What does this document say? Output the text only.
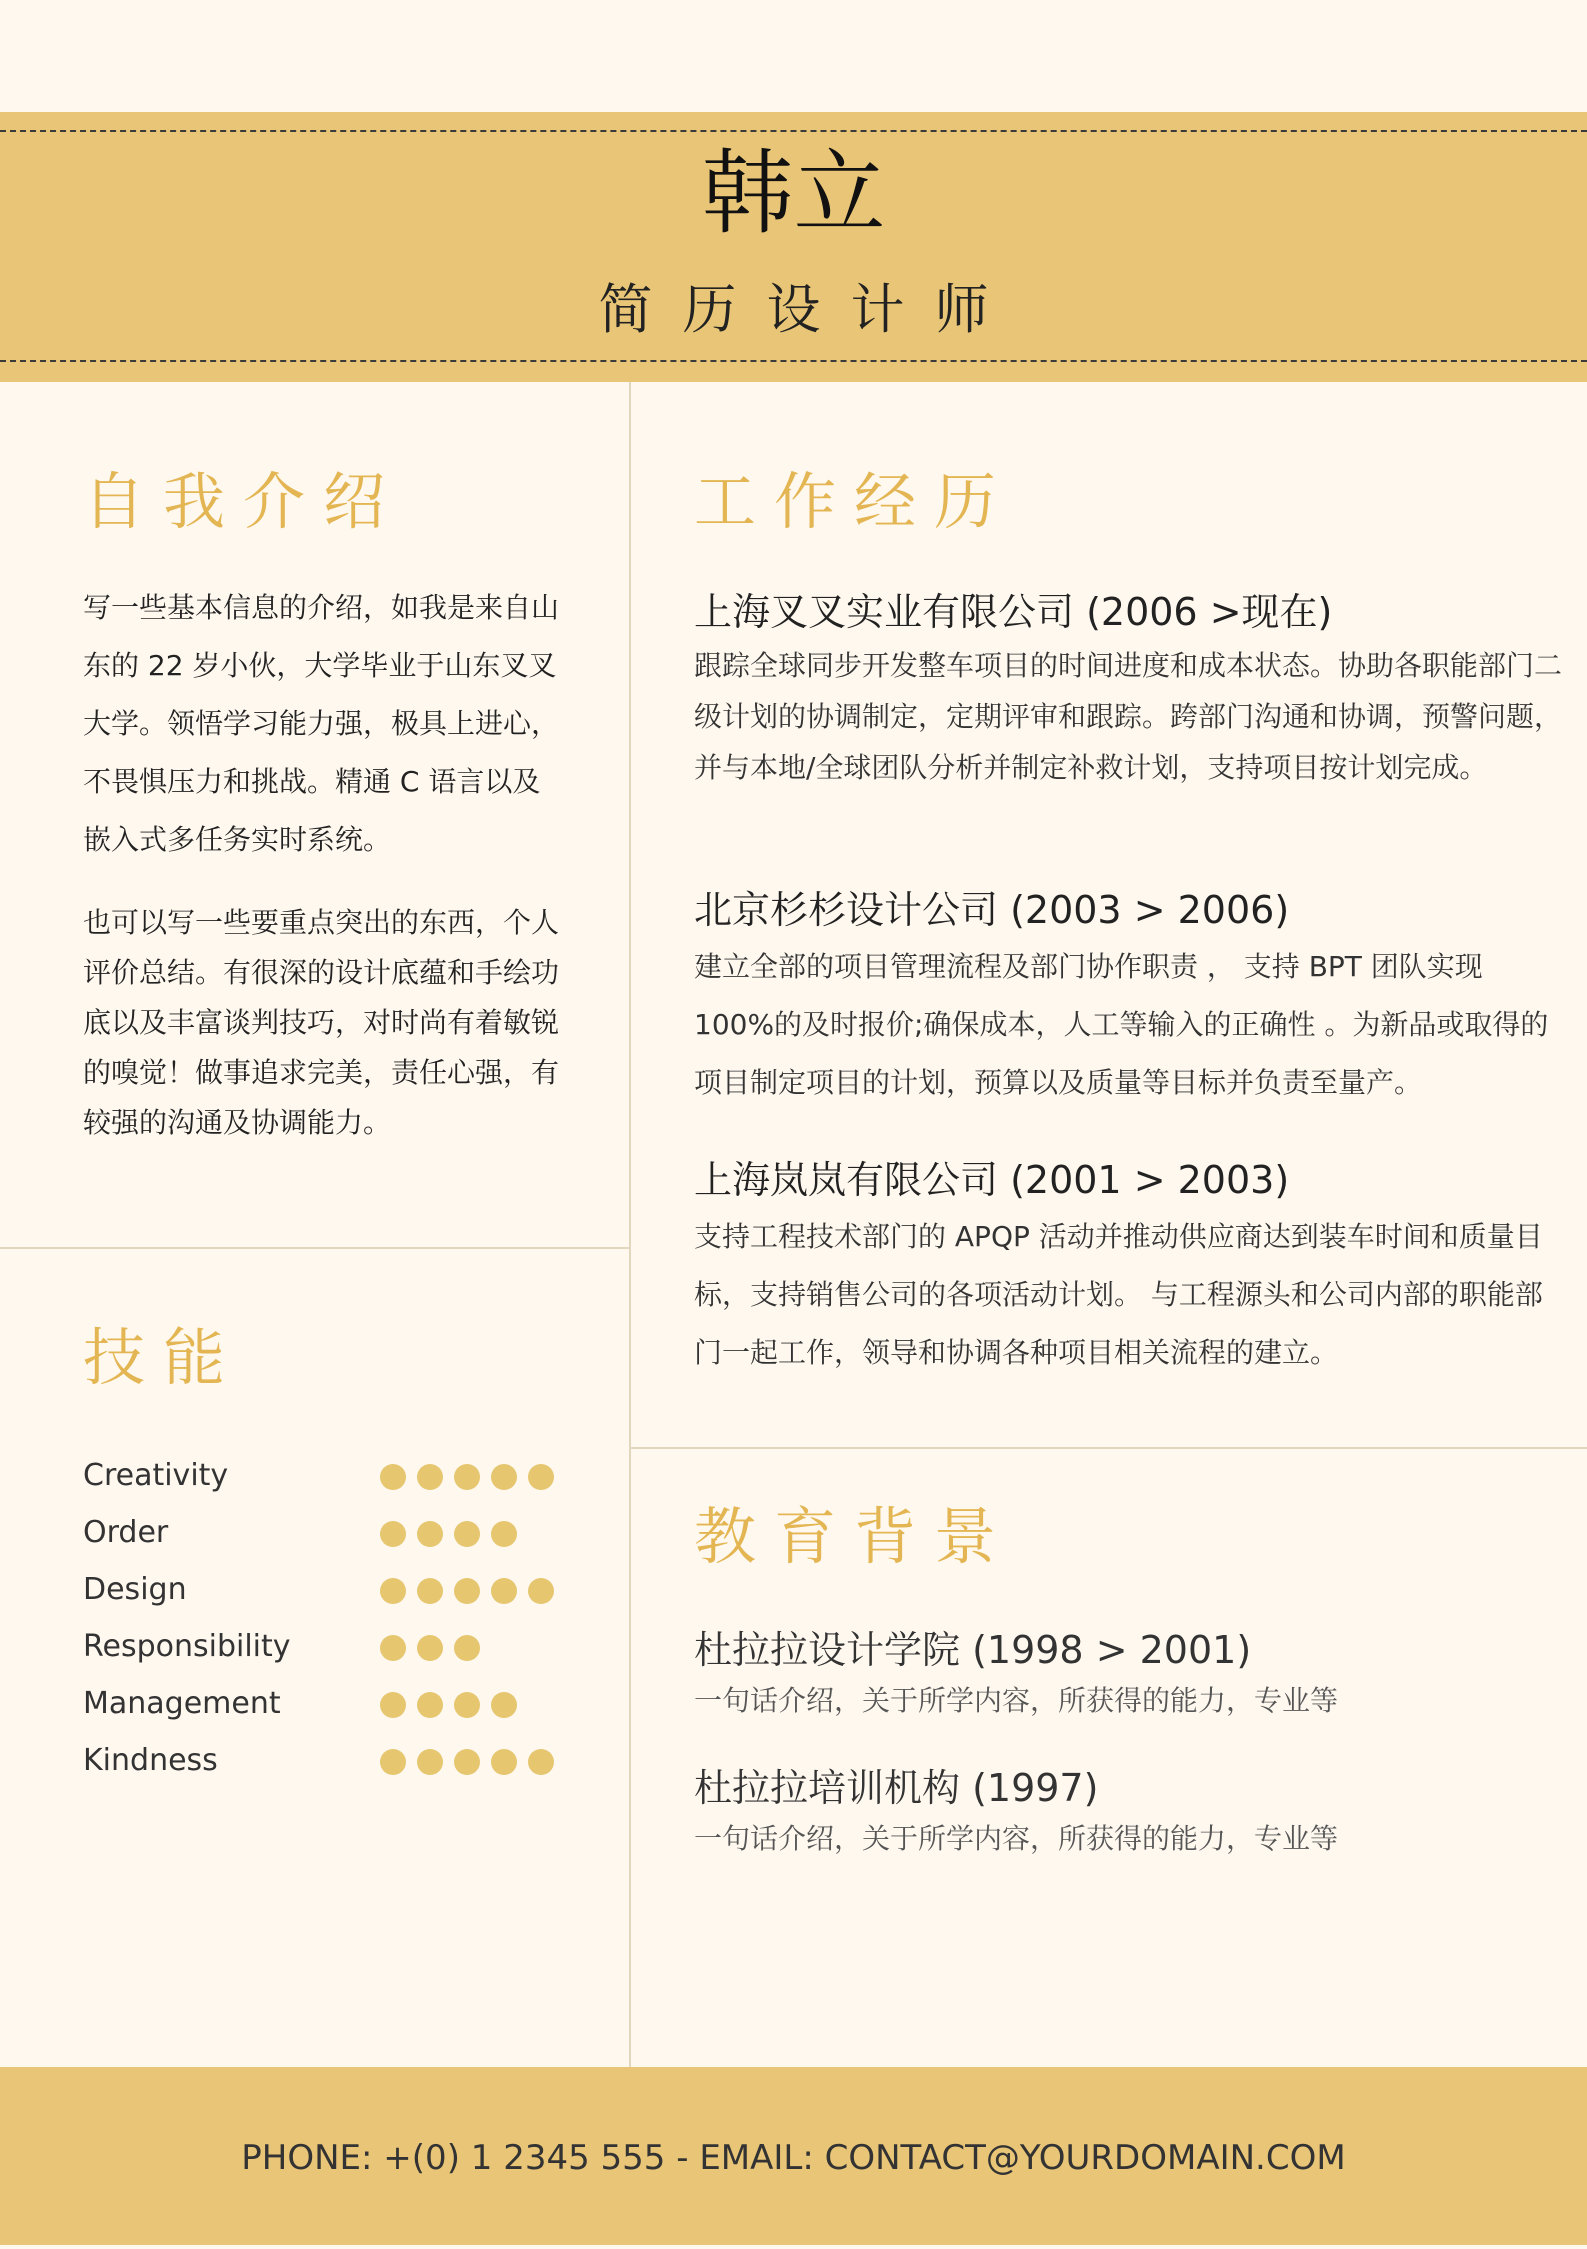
韩立
简历设计师
自我介绍

写一些基本信息的介绍，如我是来自山东的 22 岁小伙，大学毕业于山东叉叉大学。领悟学习能力强，极具上进心，不畏惧压力和挑战。精通 C 语言以及嵌入式多任务实时系统。

也可以写一些要重点突出的东西，个人评价总结。有很深的设计底蕴和手绘功底以及丰富谈判技巧，对时尚有着敏锐的嗅觉！做事追求完美，责任心强，有较强的沟通及协调能力。

技能
Creativity
Order
Design
Responsibility
Management
Kindness
工作经历
上海叉叉实业有限公司 (2006 >现在)

跟踪全球同步开发整车项目的时间进度和成本状态。协助各职能部门二级计划的协调制定，定期评审和跟踪。跨部门沟通和协调，预警问题，并与本地/全球团队分析并制定补救计划，支持项目按计划完成。

北京杉杉设计公司 (2003 > 2006)

建立全部的项目管理流程及部门协作职责 ， 支持 BPT 团队实现 100%的及时报价;确保成本，人工等输入的正确性 。为新品或取得的项目制定项目的计划，预算以及质量等目标并负责至量产。

上海岚岚有限公司 (2001 > 2003)

支持工程技术部门的 APQP 活动并推动供应商达到装车时间和质量目标，支持销售公司的各项活动计划。 与工程源头和公司内部的职能部门一起工作，领导和协调各种项目相关流程的建立。

教育背景
杜拉拉设计学院 (1998 > 2001)
一句话介绍，关于所学内容，所获得的能力，专业等
杜拉拉培训机构 (1997)
一句话介绍，关于所学内容，所获得的能力，专业等
PHONE: +(0) 1 2345 555 - EMAIL: CONTACT@YOURDOMAIN.COM
